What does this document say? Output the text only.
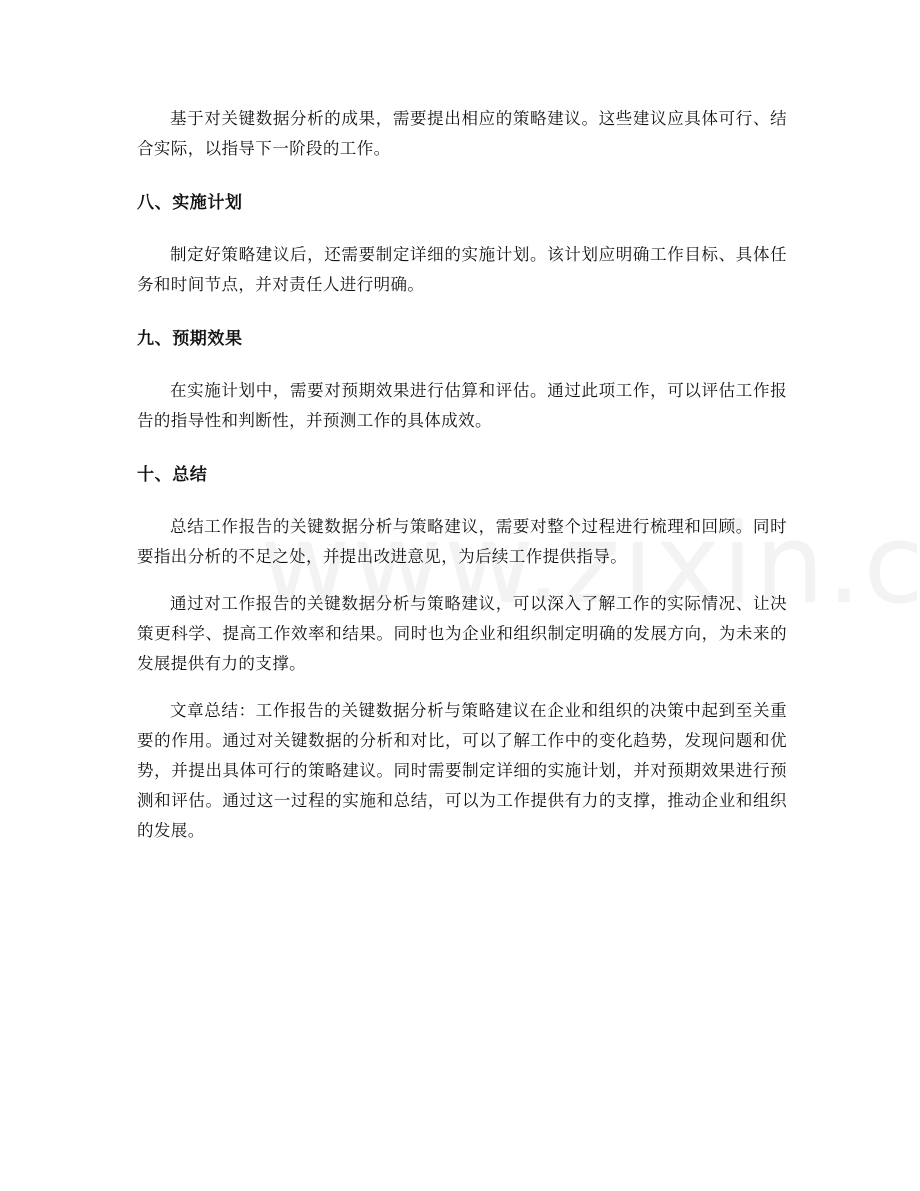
基于对关键数据分析的成果，需要提出相应的策略建议。这些建议应具体可行、结合实际，以指导下一阶段的工作。

八、实施计划

制定好策略建议后，还需要制定详细的实施计划。该计划应明确工作目标、具体任务和时间节点，并对责任人进行明确。

九、预期效果

在实施计划中，需要对预期效果进行估算和评估。通过此项工作，可以评估工作报告的指导性和判断性，并预测工作的具体成效。

十、总结

总结工作报告的关键数据分析与策略建议，需要对整个过程进行梳理和回顾。同时要指出分析的不足之处，并提出改进意见，为后续工作提供指导。

通过对工作报告的关键数据分析与策略建议，可以深入了解工作的实际情况、让决策更科学、提高工作效率和结果。同时也为企业和组织制定明确的发展方向，为未来的发展提供有力的支撑。

文章总结：工作报告的关键数据分析与策略建议在企业和组织的决策中起到至关重要的作用。通过对关键数据的分析和对比，可以了解工作中的变化趋势，发现问题和优势，并提出具体可行的策略建议。同时需要制定详细的实施计划，并对预期效果进行预测和评估。通过这一过程的实施和总结，可以为工作提供有力的支撑，推动企业和组织的发展。
